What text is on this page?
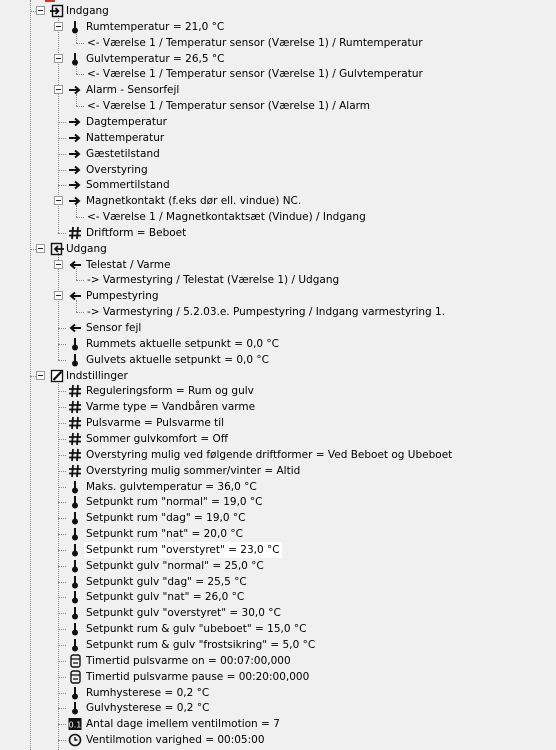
Indgang
Rumtemperatur = 21,0 °C
<- Værelse 1 / Temperatur sensor (Værelse 1) / Rumtemperatur
Gulvtemperatur = 26,5 °C
<- Værelse 1 / Temperatur sensor (Værelse 1) / Gulvtemperatur
Alarm - Sensorfejl
<- Værelse 1 / Temperatur sensor (Værelse 1) / Alarm
Dagtemperatur
Nattemperatur
Gæstetilstand
Overstyring
Sommertilstand
Magnetkontakt (f.eks dør ell. vindue) NC.
<- Værelse 1 / Magnetkontaktsæt (Vindue) / Indgang
Driftform = Beboet
Udgang
Telestat / Varme
-> Varmestyring / Telestat (Værelse 1) / Udgang
Pumpestyring
-> Varmestyring / 5.2.03.e. Pumpestyring / Indgang varmestyring 1.
Sensor fejl
Rummets aktuelle setpunkt = 0,0 °C
Gulvets aktuelle setpunkt = 0,0 °C
Indstillinger
Reguleringsform = Rum og gulv
Varme type = Vandbåren varme
Pulsvarme = Pulsvarme til
Sommer gulvkomfort = Off
Overstyring mulig ved følgende driftformer = Ved Beboet og Ubeboet
Overstyring mulig sommer/vinter = Altid
Maks. gulvtemperatur = 36,0 °C
Setpunkt rum "normal" = 19,0 °C
Setpunkt rum "dag" = 19,0 °C
Setpunkt rum "nat" = 20,0 °C
Setpunkt rum "overstyret" = 23,0 °C
Setpunkt gulv "normal" = 25,0 °C
Setpunkt gulv "dag" = 25,5 °C
Setpunkt gulv "nat" = 26,0 °C
Setpunkt gulv "overstyret" = 30,0 °C
Setpunkt rum & gulv "ubeboet" = 15,0 °C
Setpunkt rum & gulv "frostsikring" = 5,0 °C
Timertid pulsvarme on = 00:07:00,000
Timertid pulsvarme pause = 00:20:00,000
Rumhysterese = 0,2 °C
Gulvhysterese = 0,2 °C
0.1 Antal dage imellem ventilmotion = 7
Ventilmotion varighed = 00:05:00
